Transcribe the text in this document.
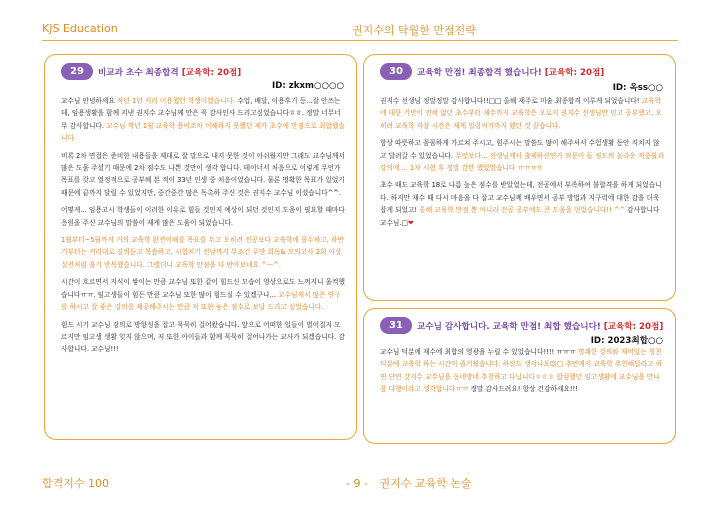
KJS Education	권지수의 탁월한 만점전략
29	비교과 초수 최종합격 [교육학: 20점]
ID: zkxm○○○○

교수님 안녕하세요 작년 1년 커리 이용했던 학생이었습니다. 수업, 배달, 이용후기 등...잘 안쓰는데, 임용생활을 함께 지낸 권지수 교수님께 만은 꼭 감사인사 드리고싶었습니다ㅎㅎ. 정말 너무너무 감사합니다. 교수님 작년 1월 교육학 용어조차 이해하지 못했던 제가 초수에 만점으로 최합했습니다.

비록 2차 면접은 준비한 내용들을 제대로 잘 말으로 내지 못한 것이 아쉬웠지만 그래도 교수님께서 많은 도움 주셨기 때문에 2차 점수도 나쁜 것만이 생각 합니다. 테이너서 처음으로 이렇게 무언가 목표를 갖고 열정적으로 공부해 본 적이 33년 인생 중 처음이었습니다. 물론 명확한 목표가 있었기 때문에 끝까지 달릴 수 있었지만, 중간중간 많은 독촉하 주신 것은 권지수 교수님 이셨습니다^^.

어떻게... 임용고시 학생들이 이러한 이유로 힘들 것인지 예상이 되던 것인지 도움이 필요할 때마다 응원을 주신 교수님의 말씀이 제게 많은 도움이 되었습니다.

1월부터~5월까지 거의 교육학 완전이해를 목표를 두고 오히려 전공보다 교육학에 몰두하고, 하반기부터는 커리대로 강의듣고 복습하고, 시험치기 전날까지 무조건 푸만 회독& 모의고사 2회 이상 실전처럼 풀기 반복했습니다. 그랬더니 교육학 만점을 다 받아보네요 ^—^.

시간이 흐르면서 지식이 쌓이는 만큼 교수님 또한 같이 힘드신 모습이 영상으로도 느껴지니 울컥했습니다ㅠㅠ. 임고생들이 힘든 만큼 교수님 또한 많이 힘드실 수 있겠구나... 교수님께서 많은 연구를 하시고 잘 좋은 강의를 제공해주시는 만큼 저 또한 놓은 점수로 보답 드리고 싶었습니다.

힘드 시기 교수님 강의로 방향성을 잡고 묵묵히 걸어왔습니다. 앞으로 어떠한 일들이 벌어질지 모르지만 임고생 생활 잊지 않으며, 저 또한 아이들과 함께 묵묵히 걸어나가는 교사가 되겠습니다. 감사합니다. 교수님!!!

30	교육학 만점! 최종합격 했습니다! [교육학: 20점]
ID: 옥ss○○

권지수 선생님 정말정말 감사합니다!!□□ 올해 제주로 미술 최종합격 이루게 되었습니다! 교육학에 대한 기반이 전혀 없던 초수부터 재수까지 교육학은 오로지 권지수 선생님만 믿고 공부했고, 오히려 교육학 자잘 시간은 제게 힐링이기까지 했던 것 같습니다.

항상 따뜻하고 꼼꼼하게 가르쳐 주시고, 힘주시는 말씀도 많이 해주셔서 수험생활 동안 지치지 않고 달려갈 수 있었습니다. 무엇보다... 선생님께서 출제하신연가 의문이 들 정도의 놀라운 적중률과 강의에 ... 1차 시험 후 정말 감탄 했었었습니다 ㅠㅠㅠ!!

초수 때도 교육학 18로 나름 높은 점수를 받았었는데, 전공에서 부족하여 불합격을 하게 되었습니다. 하지만 재수 때 다시 마음을 다 잡고 교수님께 배우면서 공부 방법과 지구력에 대한 감을 더욱 잡게 되었고! 올해 교육학 만점 뿐 아니라 전공 공부에도 큰 도움을 얻었습니다!! ^^ 감사합니다 교수님.□❤

31	교수님 감사합니다. 교육학 만점! 최합 했습니다! [교육학: 20점]
ID: 2023최합○○

교수님 덕분에 재수에 최합의 영광을 누릴 수 있었습니다!!!! ㅠㅠㅠ 명쾌한 강의와 재미있는 칭찬 덕분에 교육학 하는 시간이 즐거웠습니다. 하진도 생각나요☺□ 추번에서 교육학 추천해달라고 하면 단연 갓지수 교수님을 동네방네 추천하고 다닙니다ㅎㅎㅎ 합렁했던 임고생활에 교수님을 만나 참 다행이라고 생각합니다ㅠㅠ 정말 감사드려요! 항상 건강하세요!!!

합격지수 100	- 9 - 권지수 교육학 논술
